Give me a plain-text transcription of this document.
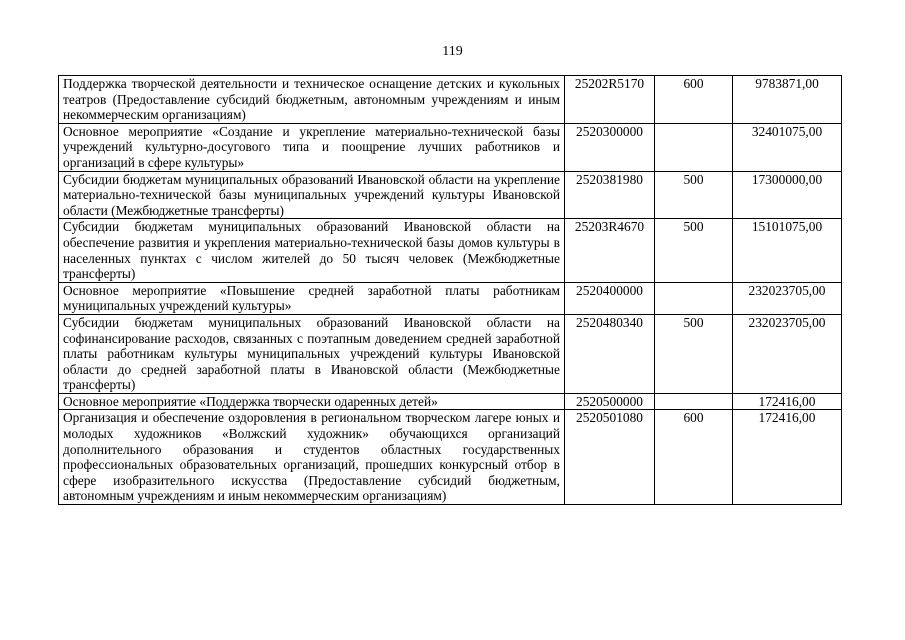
119
Поддержка творческой деятельности и техническое оснащение детских и кукольных театров (Предоставление субсидий бюджетным, автономным учреждениям и иным некоммерческим организациям)	25202R5170	600	9783871,00
Основное мероприятие «Создание и укрепление материально-технической базы учреждений культурно-досугового типа и поощрение лучших работников и организаций в сфере культуры»	2520300000		32401075,00
Субсидии бюджетам муниципальных образований Ивановской области на укрепление материально-технической базы муниципальных учреждений культуры Ивановской области (Межбюджетные трансферты)	2520381980	500	17300000,00
Субсидии бюджетам муниципальных образований Ивановской области на обеспечение развития и укрепления материально-технической базы домов культуры в населенных пунктах с числом жителей до 50 тысяч человек (Межбюджетные трансферты)	25203R4670	500	15101075,00
Основное мероприятие «Повышение средней заработной платы работникам муниципальных учреждений культуры»	2520400000		232023705,00
Субсидии бюджетам муниципальных образований Ивановской области на софинансирование расходов, связанных с поэтапным доведением средней заработной платы работникам культуры муниципальных учреждений культуры Ивановской области до средней заработной платы в Ивановской области (Межбюджетные трансферты)	2520480340	500	232023705,00
Основное мероприятие «Поддержка творчески одаренных детей»	2520500000		172416,00
Организация и обеспечение оздоровления в региональном творческом лагере юных и молодых художников «Волжский художник» обучающихся организаций дополнительного образования и студентов областных государственных профессиональных образовательных организаций, прошедших конкурсный отбор в сфере изобразительного искусства (Предоставление субсидий бюджетным, автономным учреждениям и иным некоммерческим организациям)	2520501080	600	172416,00
